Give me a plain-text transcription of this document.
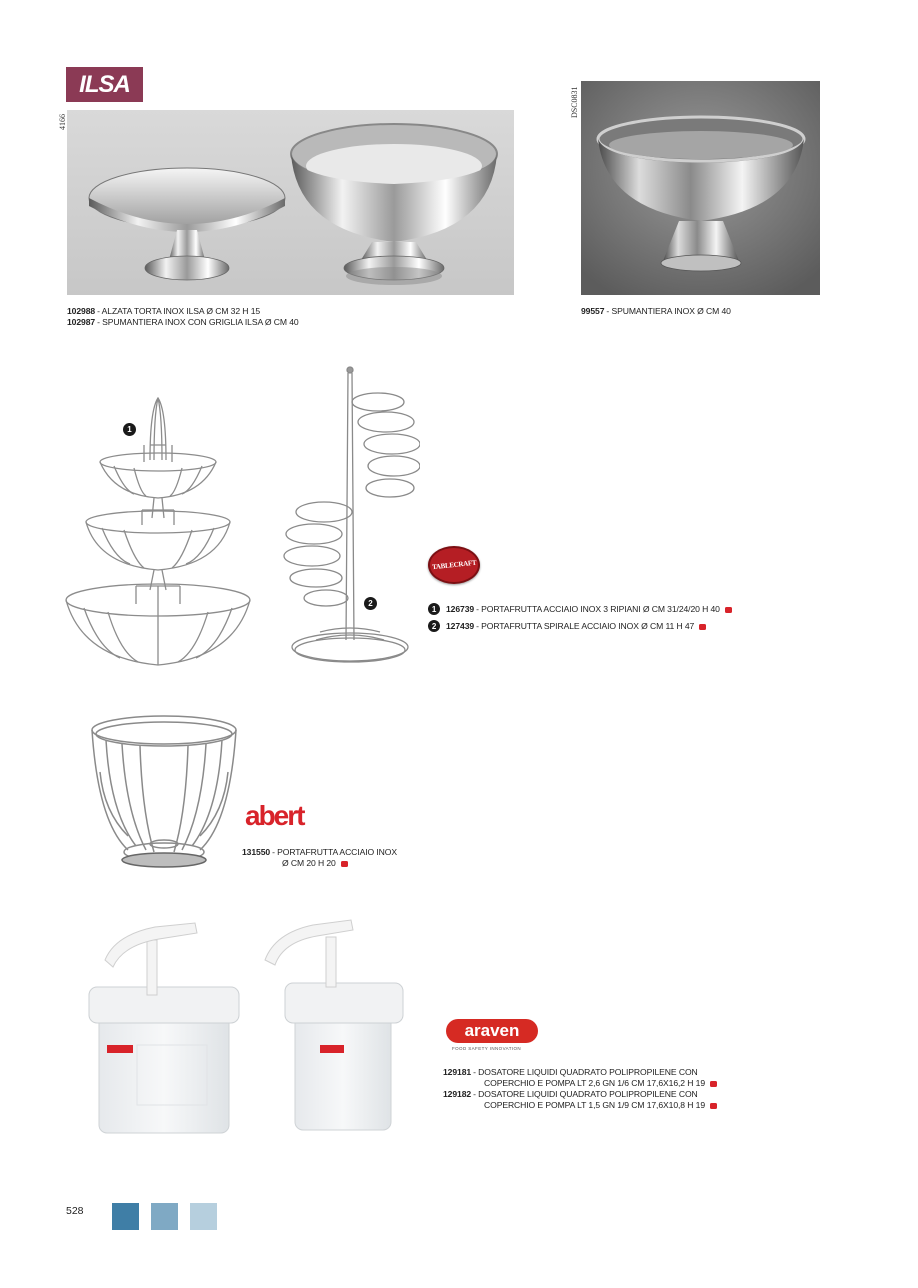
ILSA
4166
DSC0831
102988 - ALZATA TORTA INOX ILSA Ø CM 32 H 15
102987 - SPUMANTIERA INOX CON GRIGLIA ILSA Ø CM 40
99557 - SPUMANTIERA INOX Ø CM 40
1
2
TABLECRAFT
1	126739 - PORTAFRUTTA ACCIAIO INOX 3 RIPIANI Ø CM 31/24/20 H 40
2	127439 - PORTAFRUTTA SPIRALE ACCIAIO INOX Ø CM 11 H 47
abert
131550 - PORTAFRUTTA ACCIAIO INOX
Ø CM 20 H 20
araven
FOOD SAFETY INNOVATION
129181 - DOSATORE LIQUIDI QUADRATO POLIPROPILENE CON
COPERCHIO E POMPA LT 2,6 GN 1/6 CM 17,6X16,2 H 19
129182 - DOSATORE LIQUIDI QUADRATO POLIPROPILENE CON
COPERCHIO E POMPA LT 1,5 GN 1/9 CM 17,6X10,8 H 19
528
